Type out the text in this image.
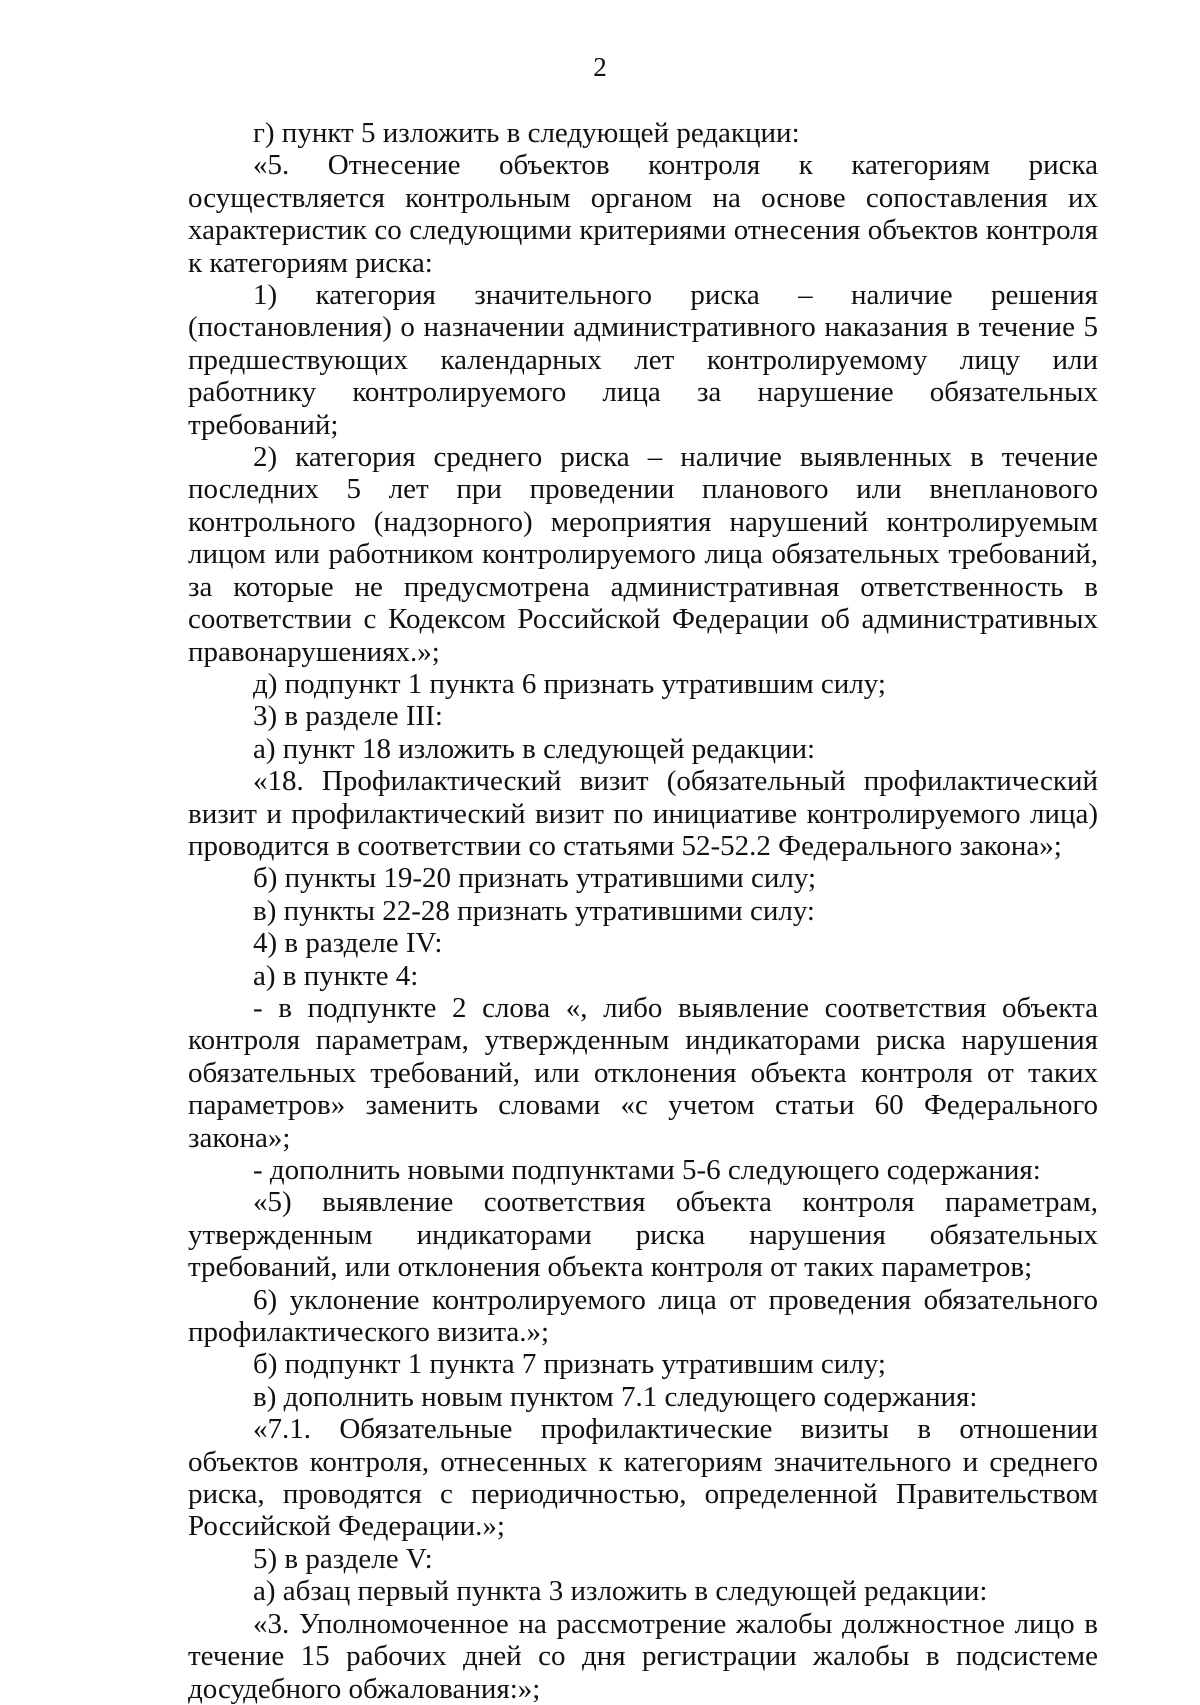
2

г) пункт 5 изложить в следующей редакции:

«5. Отнесение объектов контроля к категориям риска осуществляется контрольным органом на основе сопоставления их характеристик со следующими критериями отнесения объектов контроля к категориям риска:

1) категория значительного риска – наличие решения (постановления) о назначении административного наказания в течение 5 предшествующих календарных лет контролируемому лицу или работнику контролируемого лица за нарушение обязательных требований;

2) категория среднего риска – наличие выявленных в течение последних 5 лет при проведении планового или внепланового контрольного (надзорного) мероприятия нарушений контролируемым лицом или работником контролируемого лица обязательных требований, за которые не предусмотрена административная ответственность в соответствии с Кодексом Российской Федерации об административных правонарушениях.»;

д) подпункт 1 пункта 6 признать утратившим силу;

3) в разделе III:

а) пункт 18 изложить в следующей редакции:

«18. Профилактический визит (обязательный профилактический визит и профилактический визит по инициативе контролируемого лица) проводится в соответствии со статьями 52-52.2 Федерального закона»;

б) пункты 19-20 признать утратившими силу;

в) пункты 22-28 признать утратившими силу:

4) в разделе IV:

а) в пункте 4:

- в подпункте 2 слова «, либо выявление соответствия объекта контроля параметрам, утвержденным индикаторами риска нарушения обязательных требований, или отклонения объекта контроля от таких параметров» заменить словами «с учетом статьи 60 Федерального закона»;

- дополнить новыми подпунктами 5-6 следующего содержания:

«5) выявление соответствия объекта контроля параметрам, утвержденным индикаторами риска нарушения обязательных требований, или отклонения объекта контроля от таких параметров;

6) уклонение контролируемого лица от проведения обязательного профилактического визита.»;

б) подпункт 1 пункта 7 признать утратившим силу;

в) дополнить новым пунктом 7.1 следующего содержания:

«7.1. Обязательные профилактические визиты в отношении объектов контроля, отнесенных к категориям значительного и среднего риска, проводятся с периодичностью, определенной Правительством Российской Федерации.»;

5) в разделе V:

а) абзац первый пункта 3 изложить в следующей редакции:

«3. Уполномоченное на рассмотрение жалобы должностное лицо в течение 15 рабочих дней со дня регистрации жалобы в подсистеме досудебного обжалования:»;
